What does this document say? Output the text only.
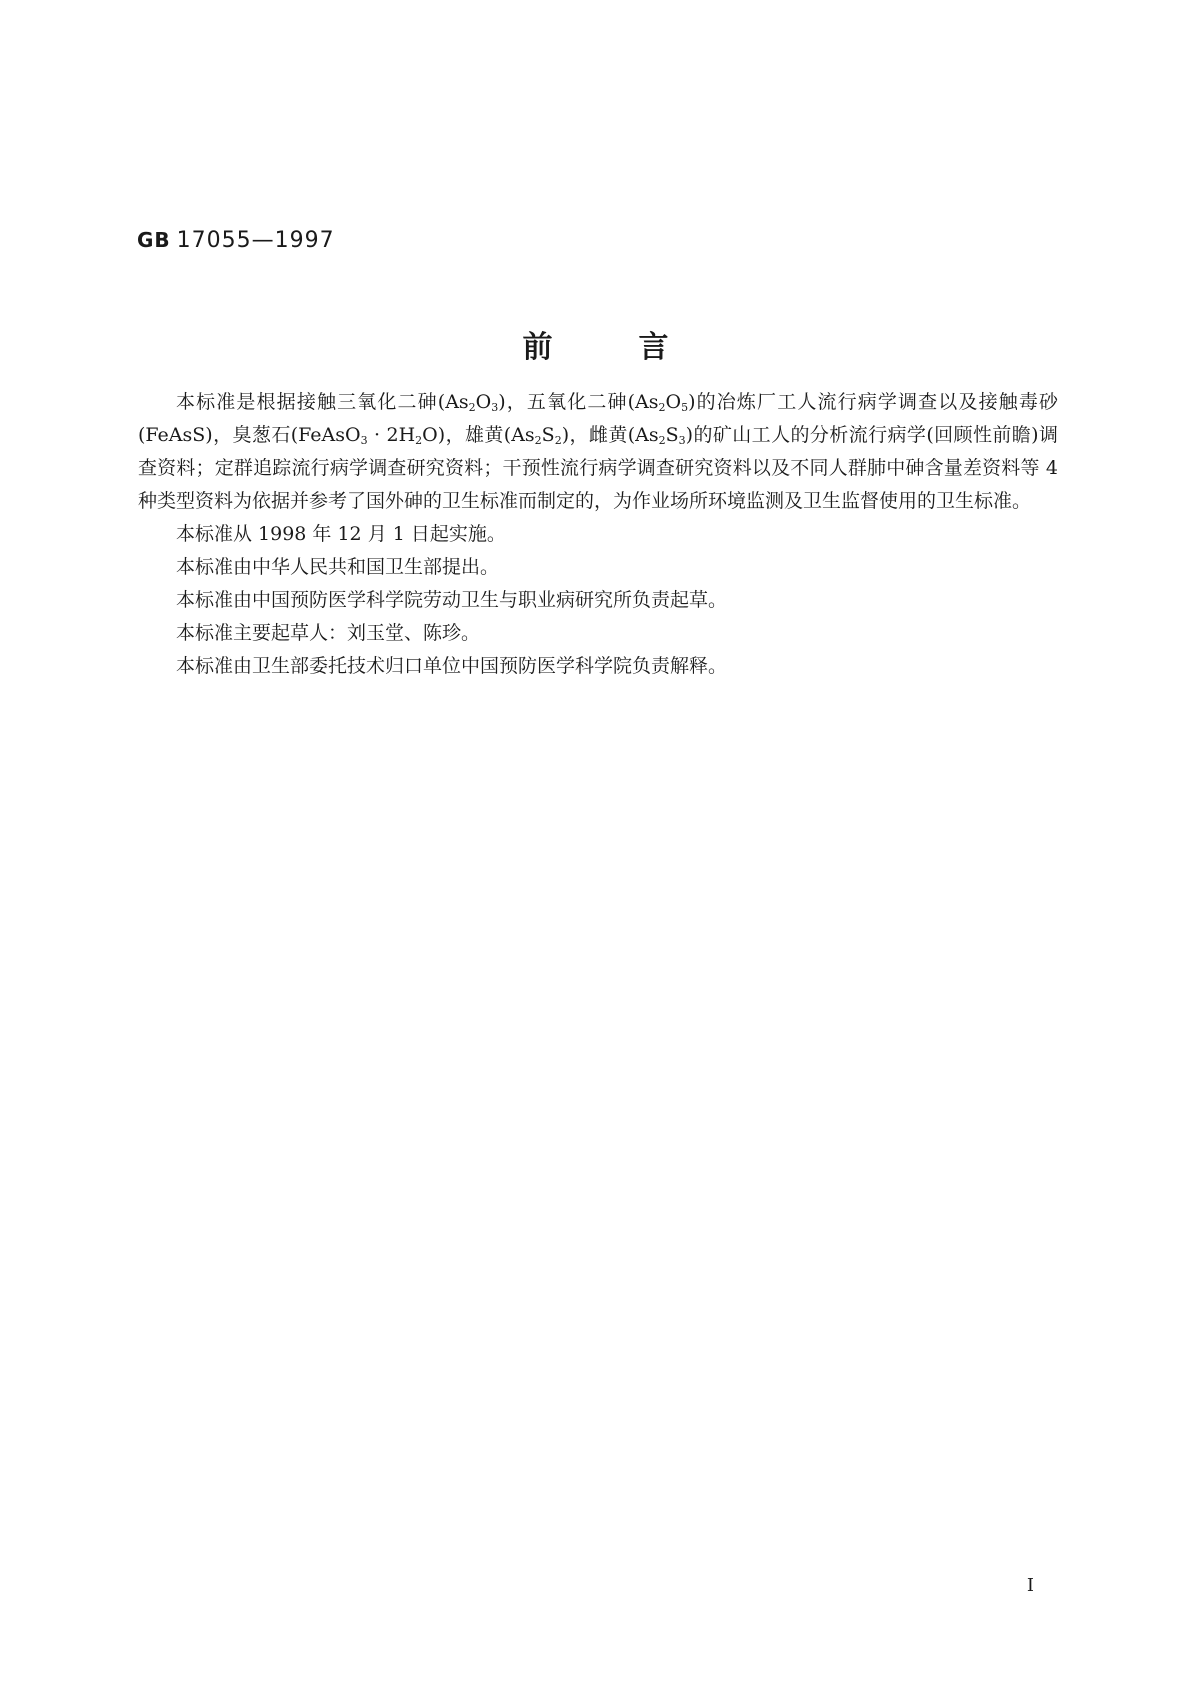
GB 17055—1997
前言

本标准是根据接触三氧化二砷$(As_2O_3)$，五氧化二砷$(As_2O_5)$的冶炼厂工人流行病学调查以及接触毒砂(FeAsS)，臭葱石(FeAsO$_3$ · $2H_2O$)，雄黄$(As_2S_2)$，雌黄$(As_2S_3)$的矿山工人的分析流行病学(回顾性前瞻)调查资料；定群追踪流行病学调查研究资料；干预性流行病学调查研究资料以及不同人群肺中砷含量差资料等 4 种类型资料为依据并参考了国外砷的卫生标准而制定的，为作业场所环境监测及卫生监督使用的卫生标准。

本标准从 1998 年 12 月 1 日起实施。

本标准由中华人民共和国卫生部提出。

本标准由中国预防医学科学院劳动卫生与职业病研究所负责起草。

本标准主要起草人：刘玉堂、陈珍。

本标准由卫生部委托技术归口单位中国预防医学科学院负责解释。

I
